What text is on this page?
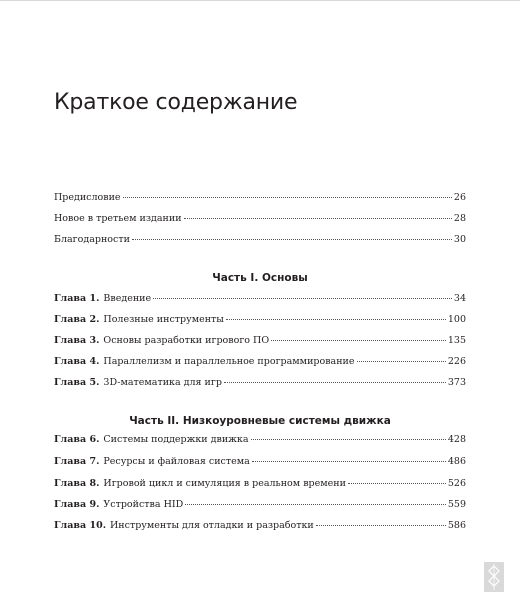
Краткое содержание
Предисловие	26
Новое в третьем издании	28
Благодарности	30
Часть I. Основы
Глава 1. Введение	34
Глава 2. Полезные инструменты	100
Глава 3. Основы разработки игрового ПО	135
Глава 4. Параллелизм и параллельное программирование	226
Глава 5. 3D-математика для игр	373
Часть II. Низкоуровневые системы движка
Глава 6. Системы поддержки движка	428
Глава 7. Ресурсы и файловая система	486
Глава 8. Игровой цикл и симуляция в реальном времени	526
Глава 9. Устройства HID	559
Глава 10. Инструменты для отладки и разработки	586
